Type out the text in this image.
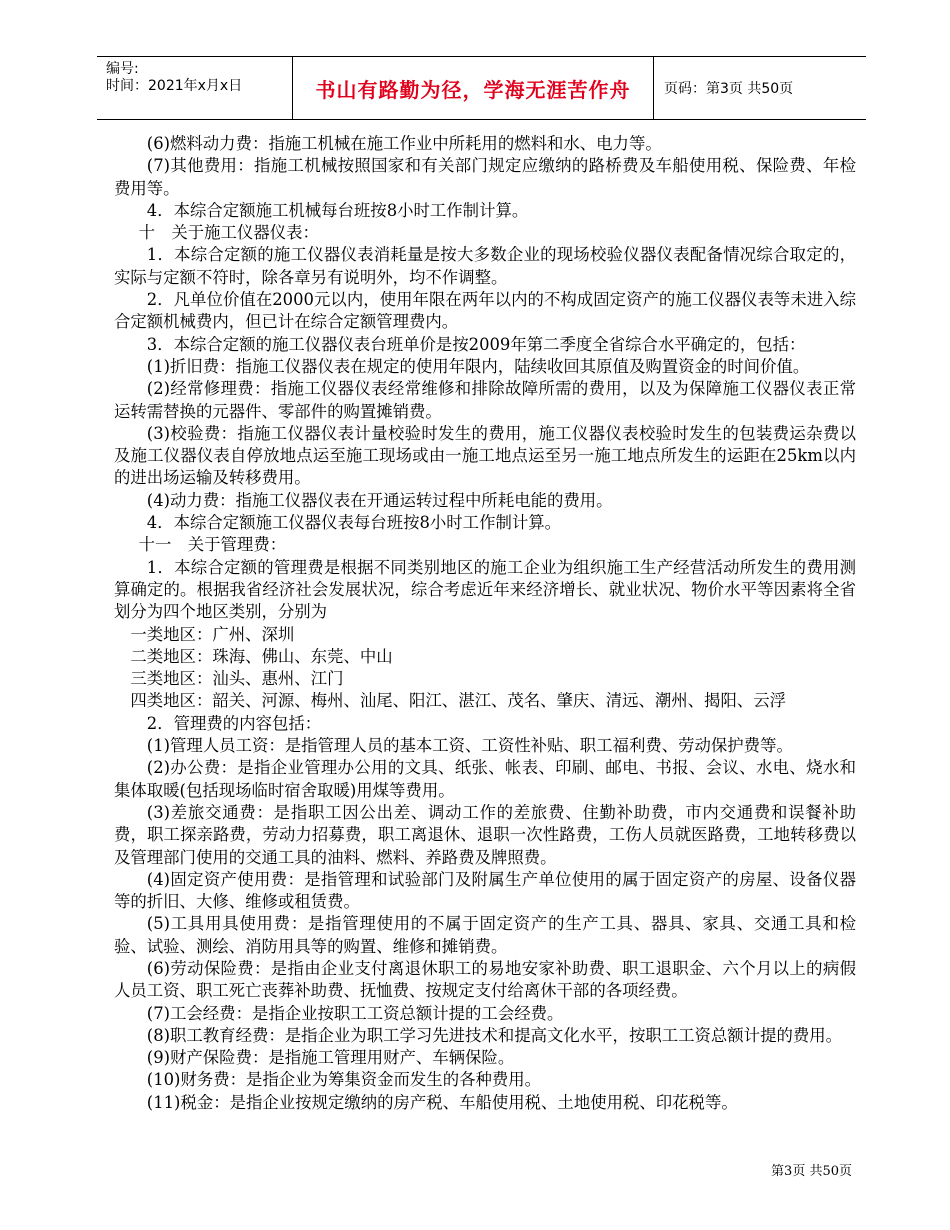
编号:
时间：2021年x月x日	书山有路勤为径，学海无涯苦作舟 页码：第3页 共50页

(6)燃料动力费：指施工机械在施工作业中所耗用的燃料和水、电力等。

(7)其他费用：指施工机械按照国家和有关部门规定应缴纳的路桥费及车船使用税、保险费、年检费用等。

4．本综合定额施工机械每台班按8小时工作制计算。

十　关于施工仪器仪表：

1．本综合定额的施工仪器仪表消耗量是按大多数企业的现场校验仪器仪表配备情况综合取定的，实际与定额不符时，除各章另有说明外，均不作调整。

2．凡单位价值在2000元以内，使用年限在两年以内的不构成固定资产的施工仪器仪表等未进入综合定额机械费内，但已计在综合定额管理费内。

3．本综合定额的施工仪器仪表台班单价是按2009年第二季度全省综合水平确定的，包括：

(1)折旧费：指施工仪器仪表在规定的使用年限内，陆续收回其原值及购置资金的时间价值。

(2)经常修理费：指施工仪器仪表经常维修和排除故障所需的费用，以及为保障施工仪器仪表正常运转需替换的元器件、零部件的购置摊销费。

(3)校验费：指施工仪器仪表计量校验时发生的费用，施工仪器仪表校验时发生的包装费运杂费以及施工仪器仪表自停放地点运至施工现场或由一施工地点运至另一施工地点所发生的运距在25km以内的进出场运输及转移费用。

(4)动力费：指施工仪器仪表在开通运转过程中所耗电能的费用。

4．本综合定额施工仪器仪表每台班按8小时工作制计算。

十一　关于管理费：

1．本综合定额的管理费是根据不同类别地区的施工企业为组织施工生产经营活动所发生的费用测算确定的。根据我省经济社会发展状况，综合考虑近年来经济增长、就业状况、物价水平等因素将全省划分为四个地区类别，分别为

一类地区：广州、深圳

二类地区：珠海、佛山、东莞、中山

三类地区：汕头、惠州、江门

四类地区：韶关、河源、梅州、汕尾、阳江、湛江、茂名、肇庆、清远、潮州、揭阳、云浮

2．管理费的内容包括：

(1)管理人员工资：是指管理人员的基本工资、工资性补贴、职工福利费、劳动保护费等。

(2)办公费：是指企业管理办公用的文具、纸张、帐表、印刷、邮电、书报、会议、水电、烧水和集体取暖(包括现场临时宿舍取暖)用煤等费用。

(3)差旅交通费：是指职工因公出差、调动工作的差旅费、住勤补助费，市内交通费和误餐补助费，职工探亲路费，劳动力招募费，职工离退休、退职一次性路费，工伤人员就医路费，工地转移费以及管理部门使用的交通工具的油料、燃料、养路费及牌照费。

(4)固定资产使用费：是指管理和试验部门及附属生产单位使用的属于固定资产的房屋、设备仪器等的折旧、大修、维修或租赁费。

(5)工具用具使用费：是指管理使用的不属于固定资产的生产工具、器具、家具、交通工具和检验、试验、测绘、消防用具等的购置、维修和摊销费。

(6)劳动保险费：是指由企业支付离退休职工的易地安家补助费、职工退职金、六个月以上的病假人员工资、职工死亡丧葬补助费、抚恤费、按规定支付给离休干部的各项经费。

(7)工会经费：是指企业按职工工资总额计提的工会经费。

(8)职工教育经费：是指企业为职工学习先进技术和提高文化水平，按职工工资总额计提的费用。

(9)财产保险费：是指施工管理用财产、车辆保险。

(10)财务费：是指企业为筹集资金而发生的各种费用。

(11)税金：是指企业按规定缴纳的房产税、车船使用税、土地使用税、印花税等。

第3页 共50页
